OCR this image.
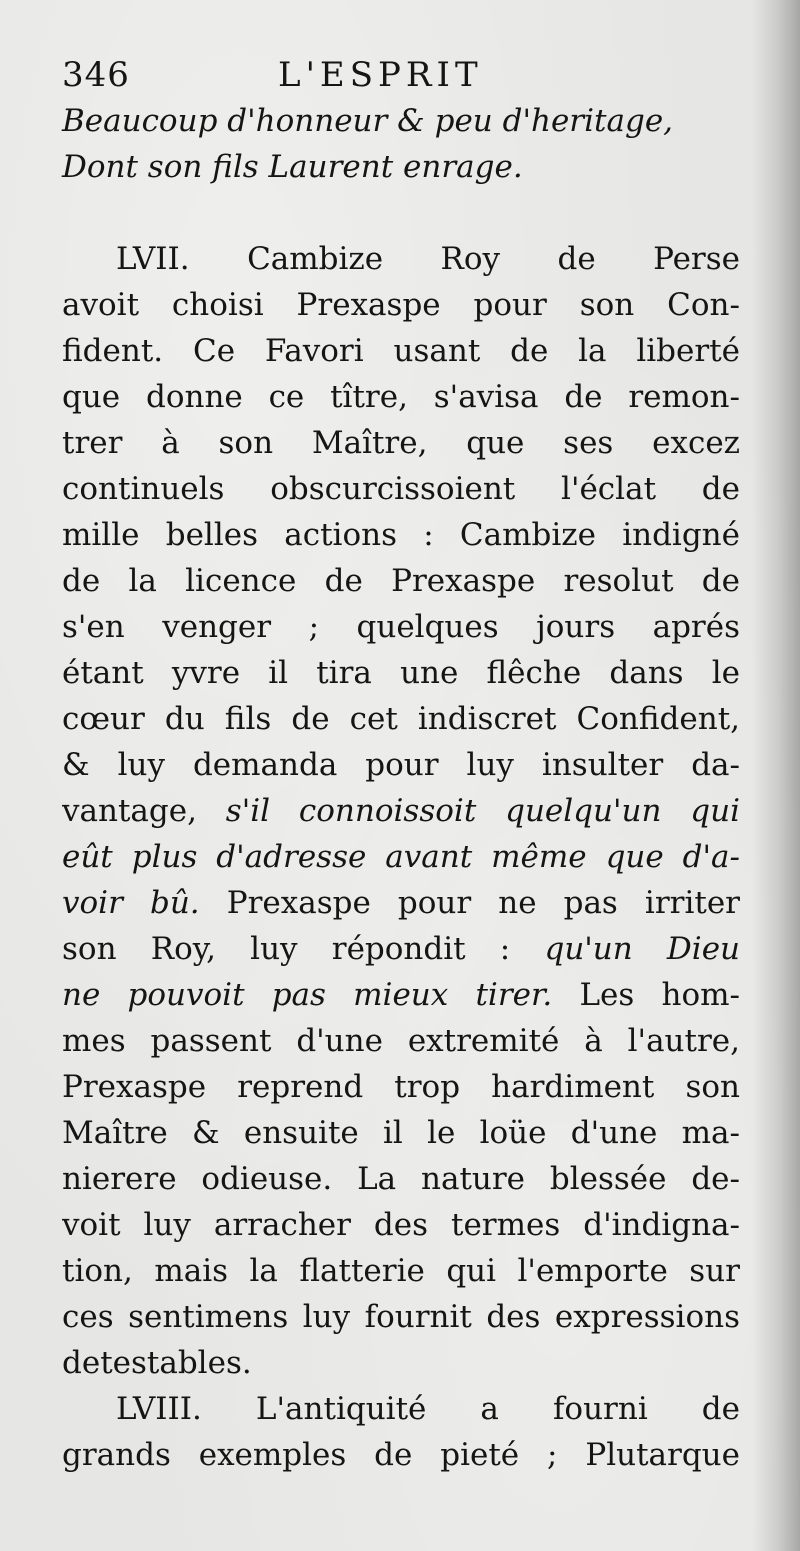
346	L'ESPRIT
Beaucoup d'honneur & peu d'heritage,
Dont son fils Laurent enrage.
LVII. Cambize Roy de Perse
avoit choisi Prexaspe pour son Con-
fident. Ce Favori usant de la liberté
que donne ce tître, s'avisa de remon-
trer à son Maître, que ses excez
continuels obscurcissoient l'éclat de
mille belles actions : Cambize indigné
de la licence de Prexaspe resolut de
s'en venger ; quelques jours aprés
étant yvre il tira une flêche dans le
cœur du fils de cet indiscret Confident,
& luy demanda pour luy insulter da-
vantage, s'il connoissoit quelqu'un qui
eût plus d'adresse avant même que d'a-
voir bû. Prexaspe pour ne pas irriter
son Roy, luy répondit : qu'un Dieu
ne pouvoit pas mieux tirer. Les hom-
mes passent d'une extremité à l'autre,
Prexaspe reprend trop hardiment son
Maître & ensuite il le loüe d'une ma-
nierere odieuse. La nature blessée de-
voit luy arracher des termes d'indigna-
tion, mais la flatterie qui l'emporte sur
ces sentimens luy fournit des expressions
detestables.
LVIII. L'antiquité a fourni de
grands exemples de pieté ; Plutarque
